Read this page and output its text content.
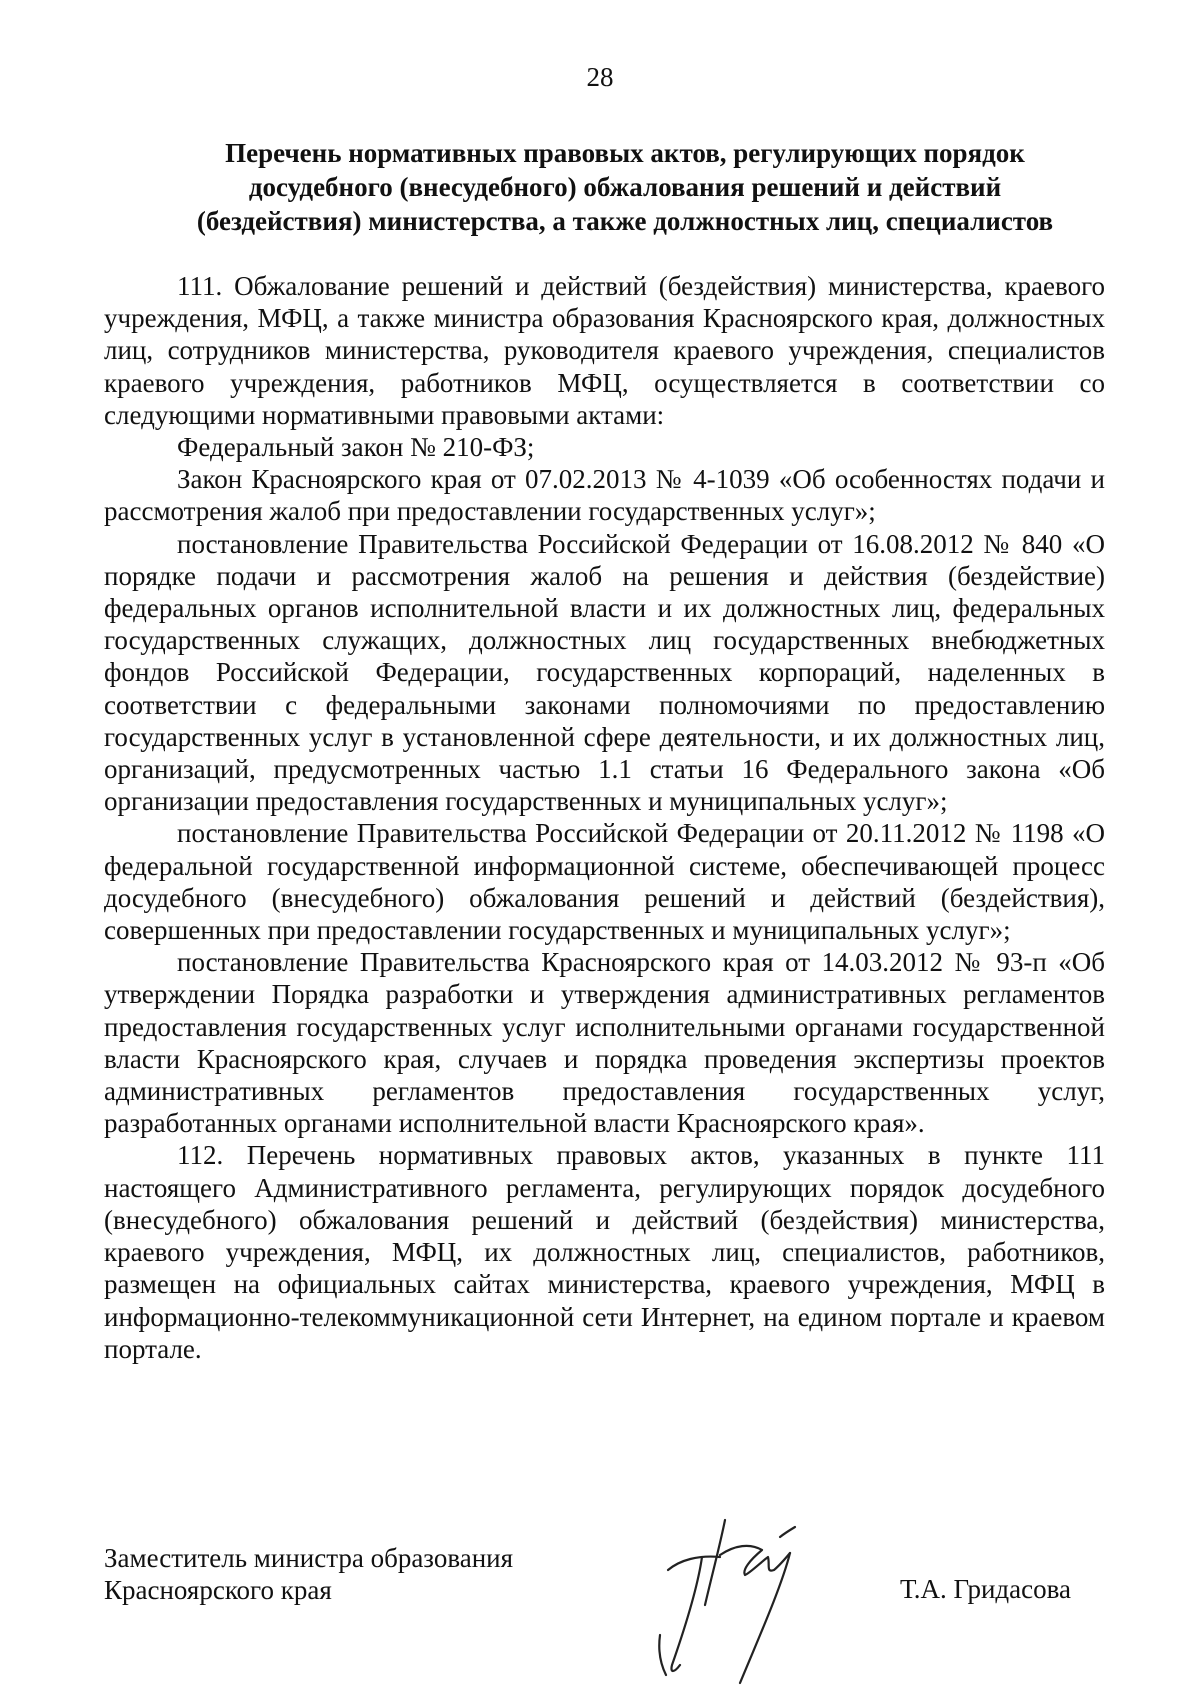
28
Перечень нормативных правовых актов, регулирующих порядок
досудебного (внесудебного) обжалования решений и действий
(бездействия) министерства, а также должностных лиц, специалистов

111. Обжалование решений и действий (бездействия) министерства, краевого учреждения, МФЦ, а также министра образования Красноярского края, должностных лиц, сотрудников министерства, руководителя краевого учреждения, специалистов краевого учреждения, работников МФЦ, осуществляется в соответствии со следующими нормативными правовыми актами:

Федеральный закон № 210-ФЗ;

Закон Красноярского края от 07.02.2013 № 4-1039 «Об особенностях подачи и рассмотрения жалоб при предоставлении государственных услуг»;

постановление Правительства Российской Федерации от 16.08.2012 № 840 «О порядке подачи и рассмотрения жалоб на решения и действия (бездействие) федеральных органов исполнительной власти и их должностных лиц, федеральных государственных служащих, должностных лиц государственных внебюджетных фондов Российской Федерации, государственных корпораций, наделенных в соответствии с федеральными законами полномочиями по предоставлению государственных услуг в установленной сфере деятельности, и их должностных лиц, организаций, предусмотренных частью 1.1 статьи 16 Федерального закона «Об организации предоставления государственных и муниципальных услуг»;

постановление Правительства Российской Федерации от 20.11.2012 № 1198 «О федеральной государственной информационной системе, обеспечивающей процесс досудебного (внесудебного) обжалования решений и действий (бездействия), совершенных при предоставлении государственных и муниципальных услуг»;

постановление Правительства Красноярского края от 14.03.2012 № 93-п «Об утверждении Порядка разработки и утверждения административных регламентов предоставления государственных услуг исполнительными органами государственной власти Красноярского края, случаев и порядка проведения экспертизы проектов административных регламентов предоставления государственных услуг, разработанных органами исполнительной власти Красноярского края».

112. Перечень нормативных правовых актов, указанных в пункте 111 настоящего Административного регламента, регулирующих порядок досудебного (внесудебного) обжалования решений и действий (бездействия) министерства, краевого учреждения, МФЦ, их должностных лиц, специалистов, работников, размещен на официальных сайтах министерства, краевого учреждения, МФЦ в информационно-телекоммуникационной сети Интернет, на едином портале и краевом портале.

Заместитель министра образования
Красноярского края	Т.А. Гридасова
